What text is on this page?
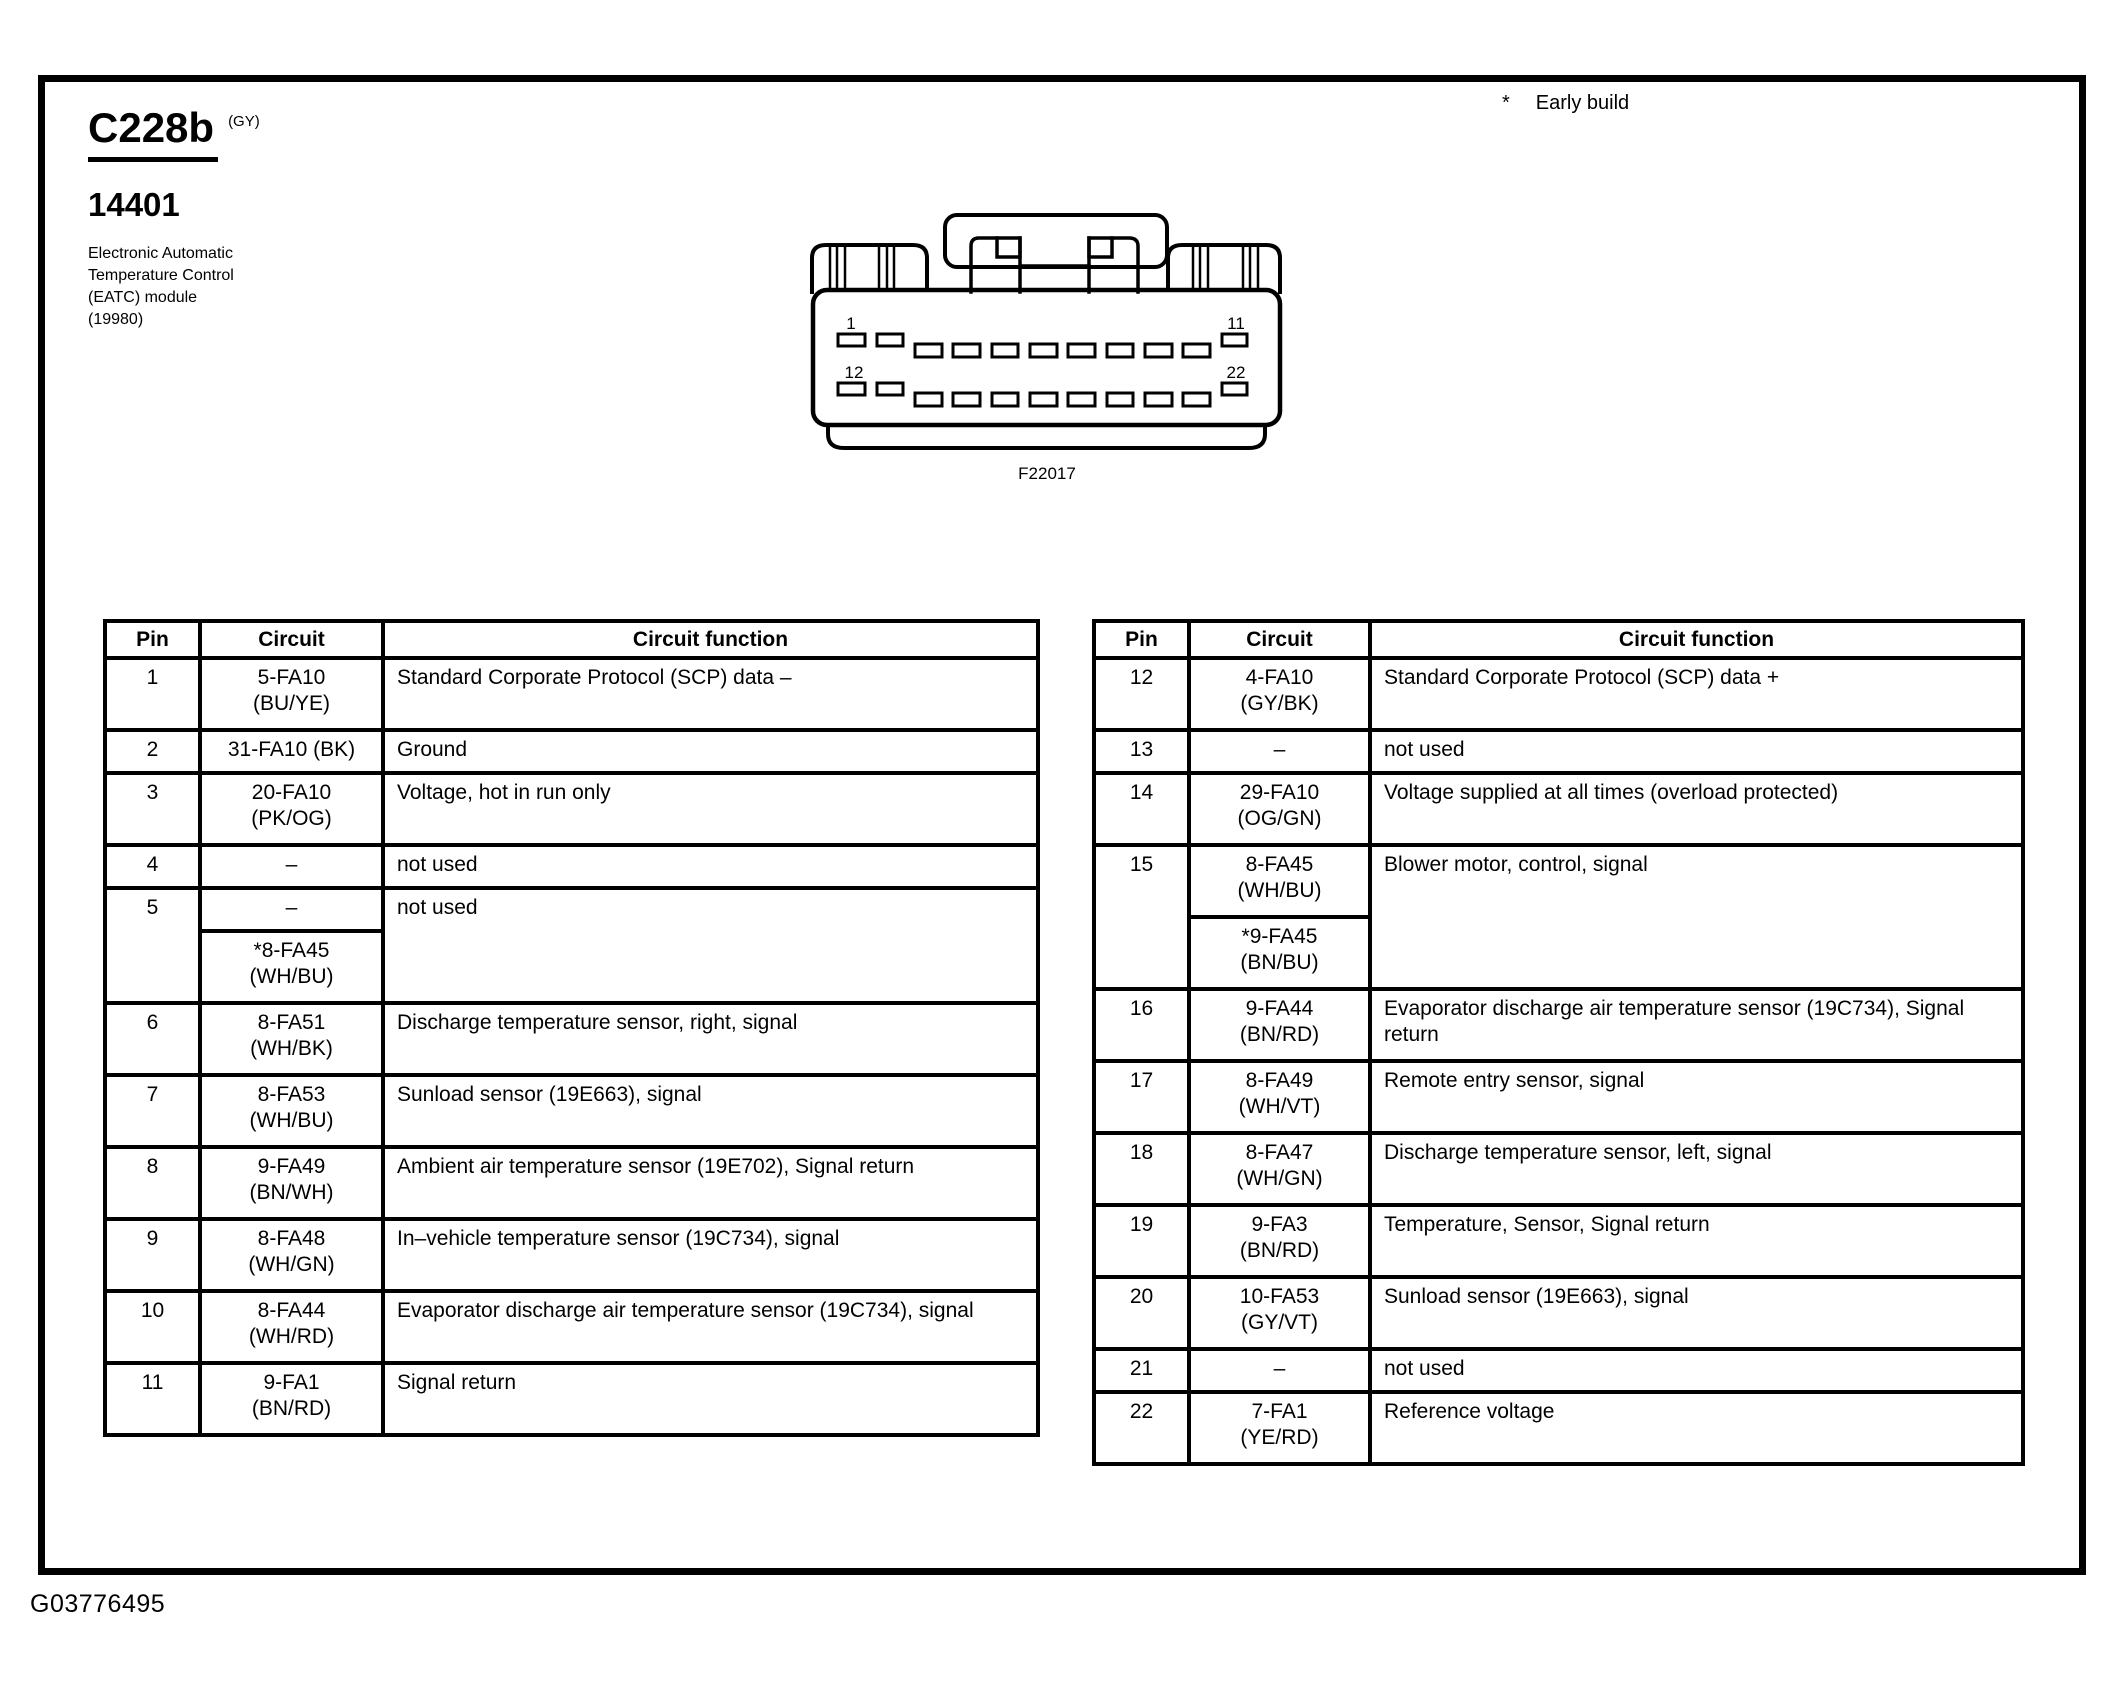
C228b (GY)
14401
Electronic Automatic
Temperature Control
(EATC) module
(19980)
* Early build
1	11
12	22
F22017
Pin	Circuit	Circuit function
1	5-FA10
(BU/YE)	Standard Corporate Protocol (SCP) data –
2	31-FA10 (BK)	Ground
3	20-FA10
(PK/OG)	Voltage, hot in run only
4	–	not used
5	–	not used

	*8-FA45
(WH/BU)	

6	8-FA51
(WH/BK)	Discharge temperature sensor, right, signal
7	8-FA53
(WH/BU)	Sunload sensor (19E663), signal
8	9-FA49
(BN/WH)	Ambient air temperature sensor (19E702), Signal return
9	8-FA48
(WH/GN)	In–vehicle temperature sensor (19C734), signal
10	8-FA44
(WH/RD)	Evaporator discharge air temperature sensor (19C734), signal
11	9-FA1
(BN/RD)	Signal return
Pin	Circuit	Circuit function
12	4-FA10
(GY/BK)	Standard Corporate Protocol (SCP) data +
13	–	not used
14	29-FA10
(OG/GN)	Voltage supplied at all times (overload protected)
15	8-FA45
(WH/BU)	Blower motor, control, signal

	*9-FA45
(BN/BU)	

16	9-FA44
(BN/RD)	Evaporator discharge air temperature sensor (19C734), Signal return
17	8-FA49
(WH/VT)	Remote entry sensor, signal
18	8-FA47
(WH/GN)	Discharge temperature sensor, left, signal
19	9-FA3
(BN/RD)	Temperature, Sensor, Signal return
20	10-FA53
(GY/VT)	Sunload sensor (19E663), signal
21	–	not used
22	7-FA1
(YE/RD)	Reference voltage
G03776495
